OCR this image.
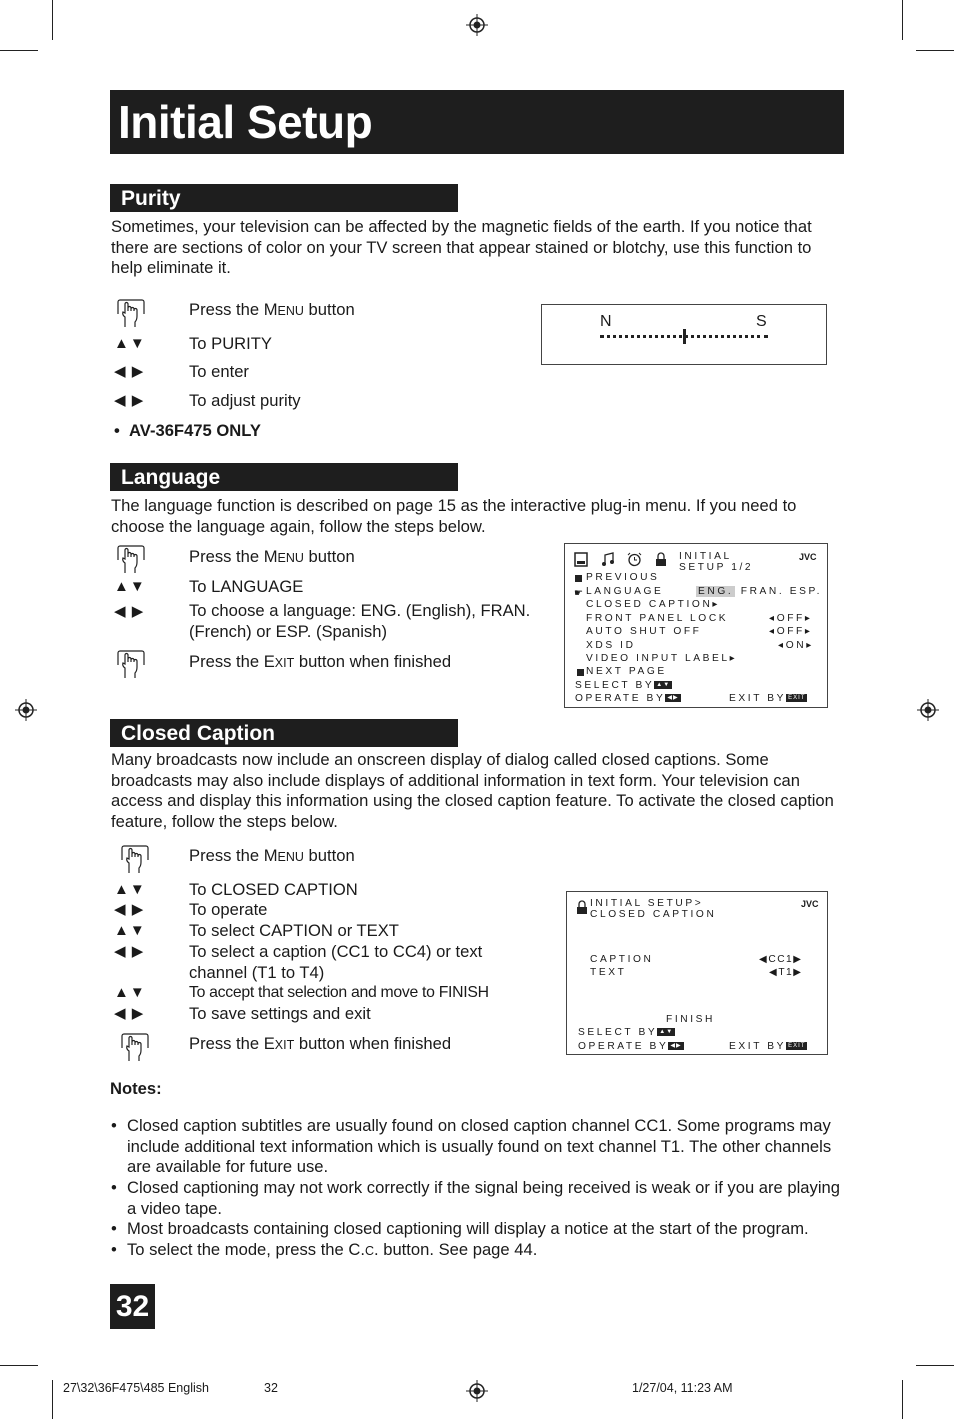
Initial Setup
Purity
Sometimes, your television can be affected by the magnetic fields of the earth. If you notice that there are sections of color on your TV screen that appear stained or blotchy, use this function to help eliminate it.
Press the MENU button
▲▼	To PURITY
◀ ▶	To enter
◀ ▶	To adjust purity
• AV-36F475 ONLY
N	S
Language
The language function is described on page 15 as the interactive plug-in menu. If you need to choose the language again, follow the steps below.
Press the MENU button
▲▼	To LANGUAGE
◀ ▶	To choose a language: ENG. (English), FRAN. (French) or ESP. (Spanish)
Press the EXIT button when finished
INITIAL
SETUP 1/2
JVC
PREVIOUS
☛ LANGUAGE	ENG. FRAN. ESP.
CLOSED CAPTION▸
FRONT PANEL LOCK	◂OFF▸
AUTO SHUT OFF	◂OFF▸
XDS ID	◂ON▸
VIDEO INPUT LABEL▸
NEXT PAGE
SELECT BY ▲▼
OPERATE BY ◀▶	EXIT BY EXIT
Closed Caption
Many broadcasts now include an onscreen display of dialog called closed captions. Some broadcasts may also include displays of additional information in text form. Your television can access and display this information using the closed caption feature. To activate the closed caption feature, follow the steps below.
Press the MENU button
▲▼	To CLOSED CAPTION
◀ ▶	To operate
▲▼	To select CAPTION or TEXT
◀ ▶	To select a caption (CC1 to CC4) or text channel (T1 to T4)
▲▼	To accept that selection and move to FINISH
◀ ▶	To save settings and exit
Press the EXIT button when finished
INITIAL SETUP>
CLOSED CAPTION
JVC
CAPTION	◀CC1▶
TEXT	◀T1▶
FINISH
SELECT BY ▲▼
OPERATE BY ◀▶	EXIT BY EXIT
Notes:
• Closed caption subtitles are usually found on closed caption channel CC1. Some programs may include additional text information which is usually found on text channel T1. The other channels are available for future use.
• Closed captioning may not work correctly if the signal being received is weak or if you are playing a video tape.
• Most broadcasts containing closed captioning will display a notice at the start of the program.
• To select the mode, press the C.C. button. See page 44.
32
27\32\36F475\485 English	32	1/27/04, 11:23 AM
